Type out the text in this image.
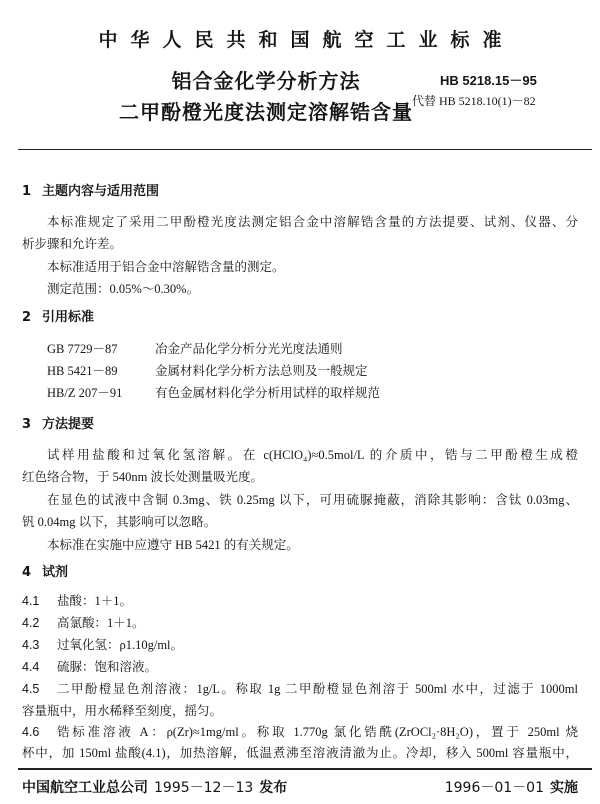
中华人民共和国航空工业标准
铝合金化学分析方法
二甲酚橙光度法测定溶解锆含量
HB 5218.15－95
代替 HB 5218.10(1)－82
1 主题内容与适用范围
本标准规定了采用二甲酚橙光度法测定铝合金中溶解锆含量的方法提要、试剂、仪器、分
析步骤和允许差。
本标准适用于铝合金中溶解锆含量的测定。
测定范围：0.05%～0.30%。
2 引用标准
GB 7729－87	冶金产品化学分析分光光度法通则
HB 5421－89	金属材料化学分析方法总则及一般规定
HB/Z 207－91	有色金属材料化学分析用试样的取样规范
3 方法提要
试样用盐酸和过氧化氢溶解。在 c(HClO₄)≈0.5mol/L 的介质中，锆与二甲酚橙生成橙
红色络合物，于 540nm 波长处测量吸光度。
在显色的试液中含铜 0.3mg、铁 0.25mg 以下，可用硫脲掩蔽，消除其影响：含钛 0.03mg、
钒 0.04mg 以下，其影响可以忽略。
本标准在实施中应遵守 HB 5421 的有关规定。
4 试剂
4.1	盐酸：1＋1。
4.2	高氯酸：1＋1。
4.3	过氧化氢：ρ1.10g/ml。
4.4	硫脲：饱和溶液。
4.5	二甲酚橙显色剂溶液：1g/L。称取 1g 二甲酚橙显色剂溶于 500ml 水中，过滤于 1000ml
容量瓶中，用水稀释至刻度，摇匀。
4.6	锆标准溶液 A：ρ(Zr)≈1mg/ml。称取 1.770g 氯化锆酰(ZrOCl₂·8H₂O)，置于 250ml 烧
杯中，加 150ml 盐酸(4.1)，加热溶解，低温煮沸至溶液清澈为止。冷却，移入 500ml 容量瓶中，
中国航空工业总公司 1995－12－13 发布	1996－01－01 实施
